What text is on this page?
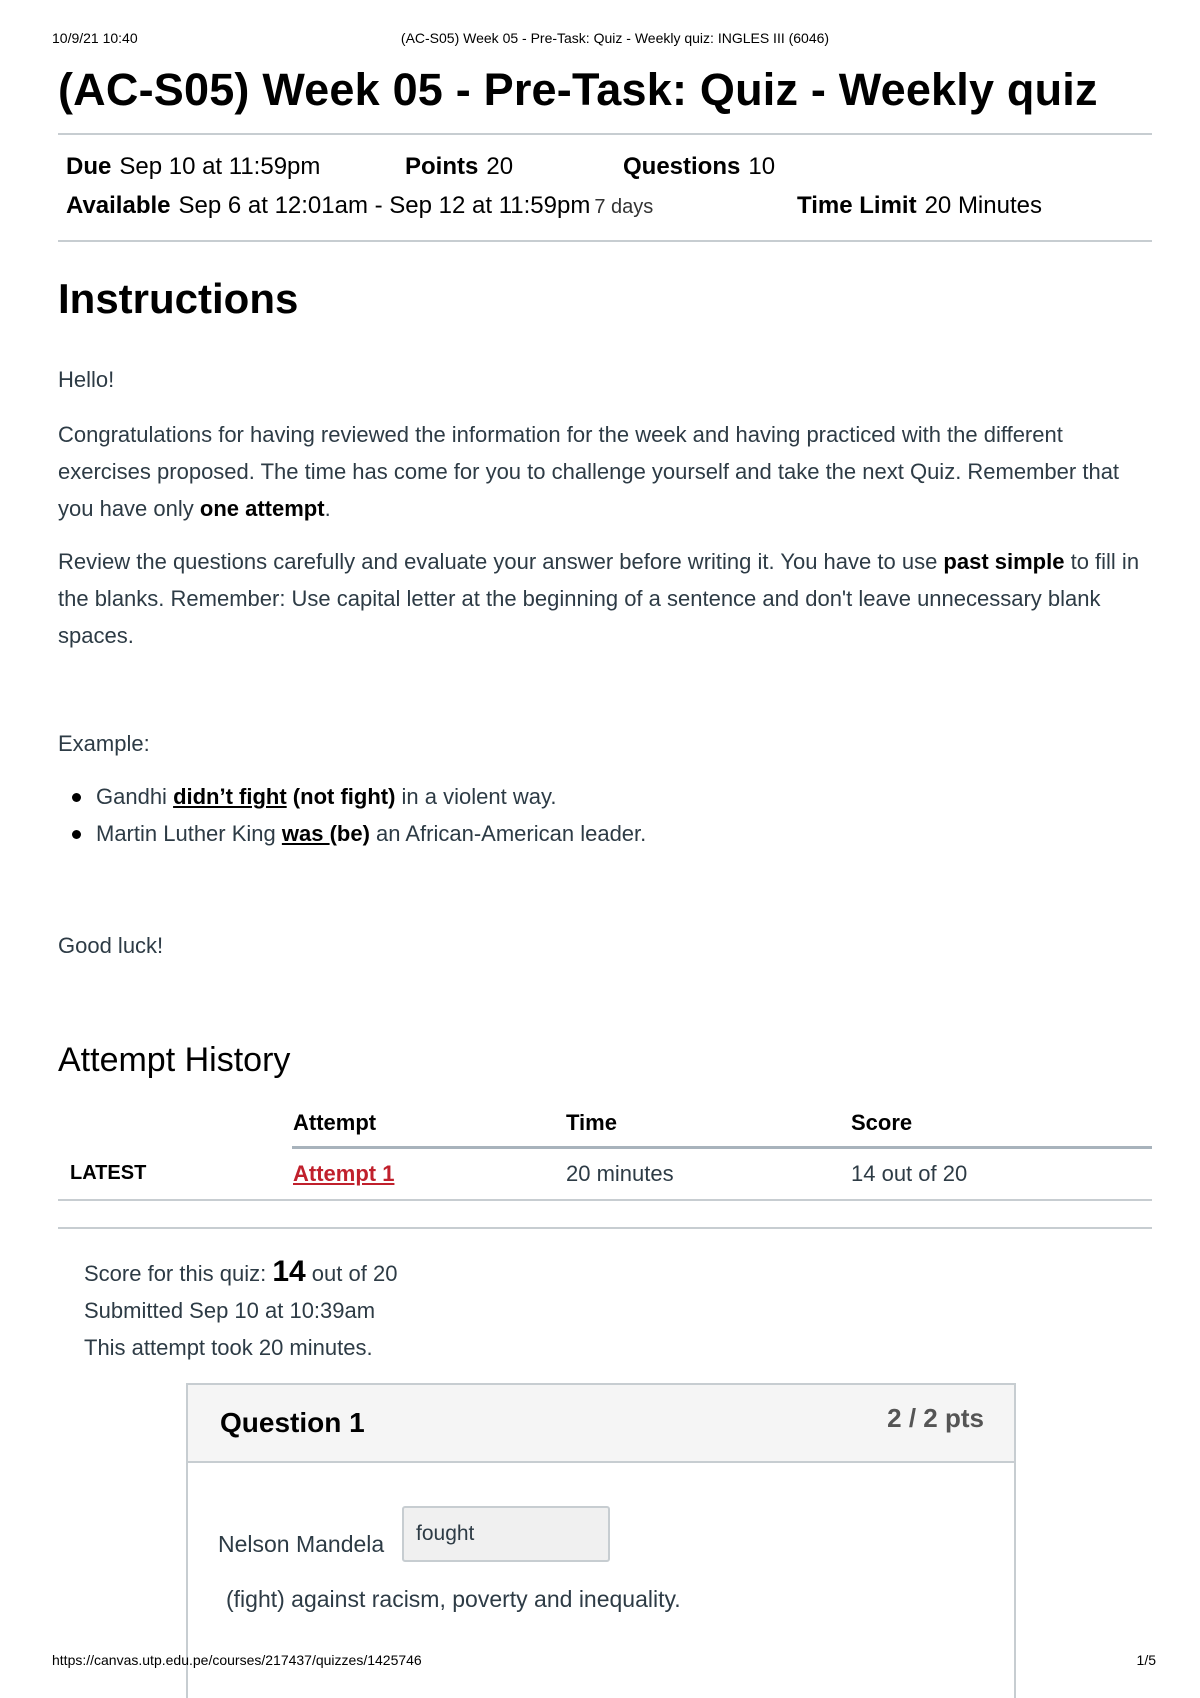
10/9/21 10:40	(AC-S05) Week 05 - Pre-Task: Quiz - Weekly quiz: INGLES III (6046)
(AC-S05) Week 05 - Pre-Task: Quiz - Weekly quiz
Due Sep 10 at 11:59pm	Points 20	Questions 10
Available Sep 6 at 12:01am - Sep 12 at 11:59pm 7 days	Time Limit 20 Minutes
Instructions

Hello!

Congratulations for having reviewed the information for the week and having practiced with the different exercises proposed. The time has come for you to challenge yourself and take the next Quiz. Remember that you have only one attempt.

Review the questions carefully and evaluate your answer before writing it. You have to use past simple to fill in the blanks. Remember: Use capital letter at the beginning of a sentence and don't leave unnecessary blank spaces.

Example:

Gandhi didn’t fight (not fight) in a violent way.
Martin Luther King was (be) an African-American leader.

Good luck!

Attempt History
	Attempt	Time	Score
LATEST	Attempt 1	20 minutes	14 out of 20
Score for this quiz: 14 out of 20
Submitted Sep 10 at 10:39am
This attempt took 20 minutes.
Question 1	2 / 2 pts
Nelson Mandela	fought
(fight) against racism, poverty and inequality.
https://canvas.utp.edu.pe/courses/217437/quizzes/1425746	1/5
